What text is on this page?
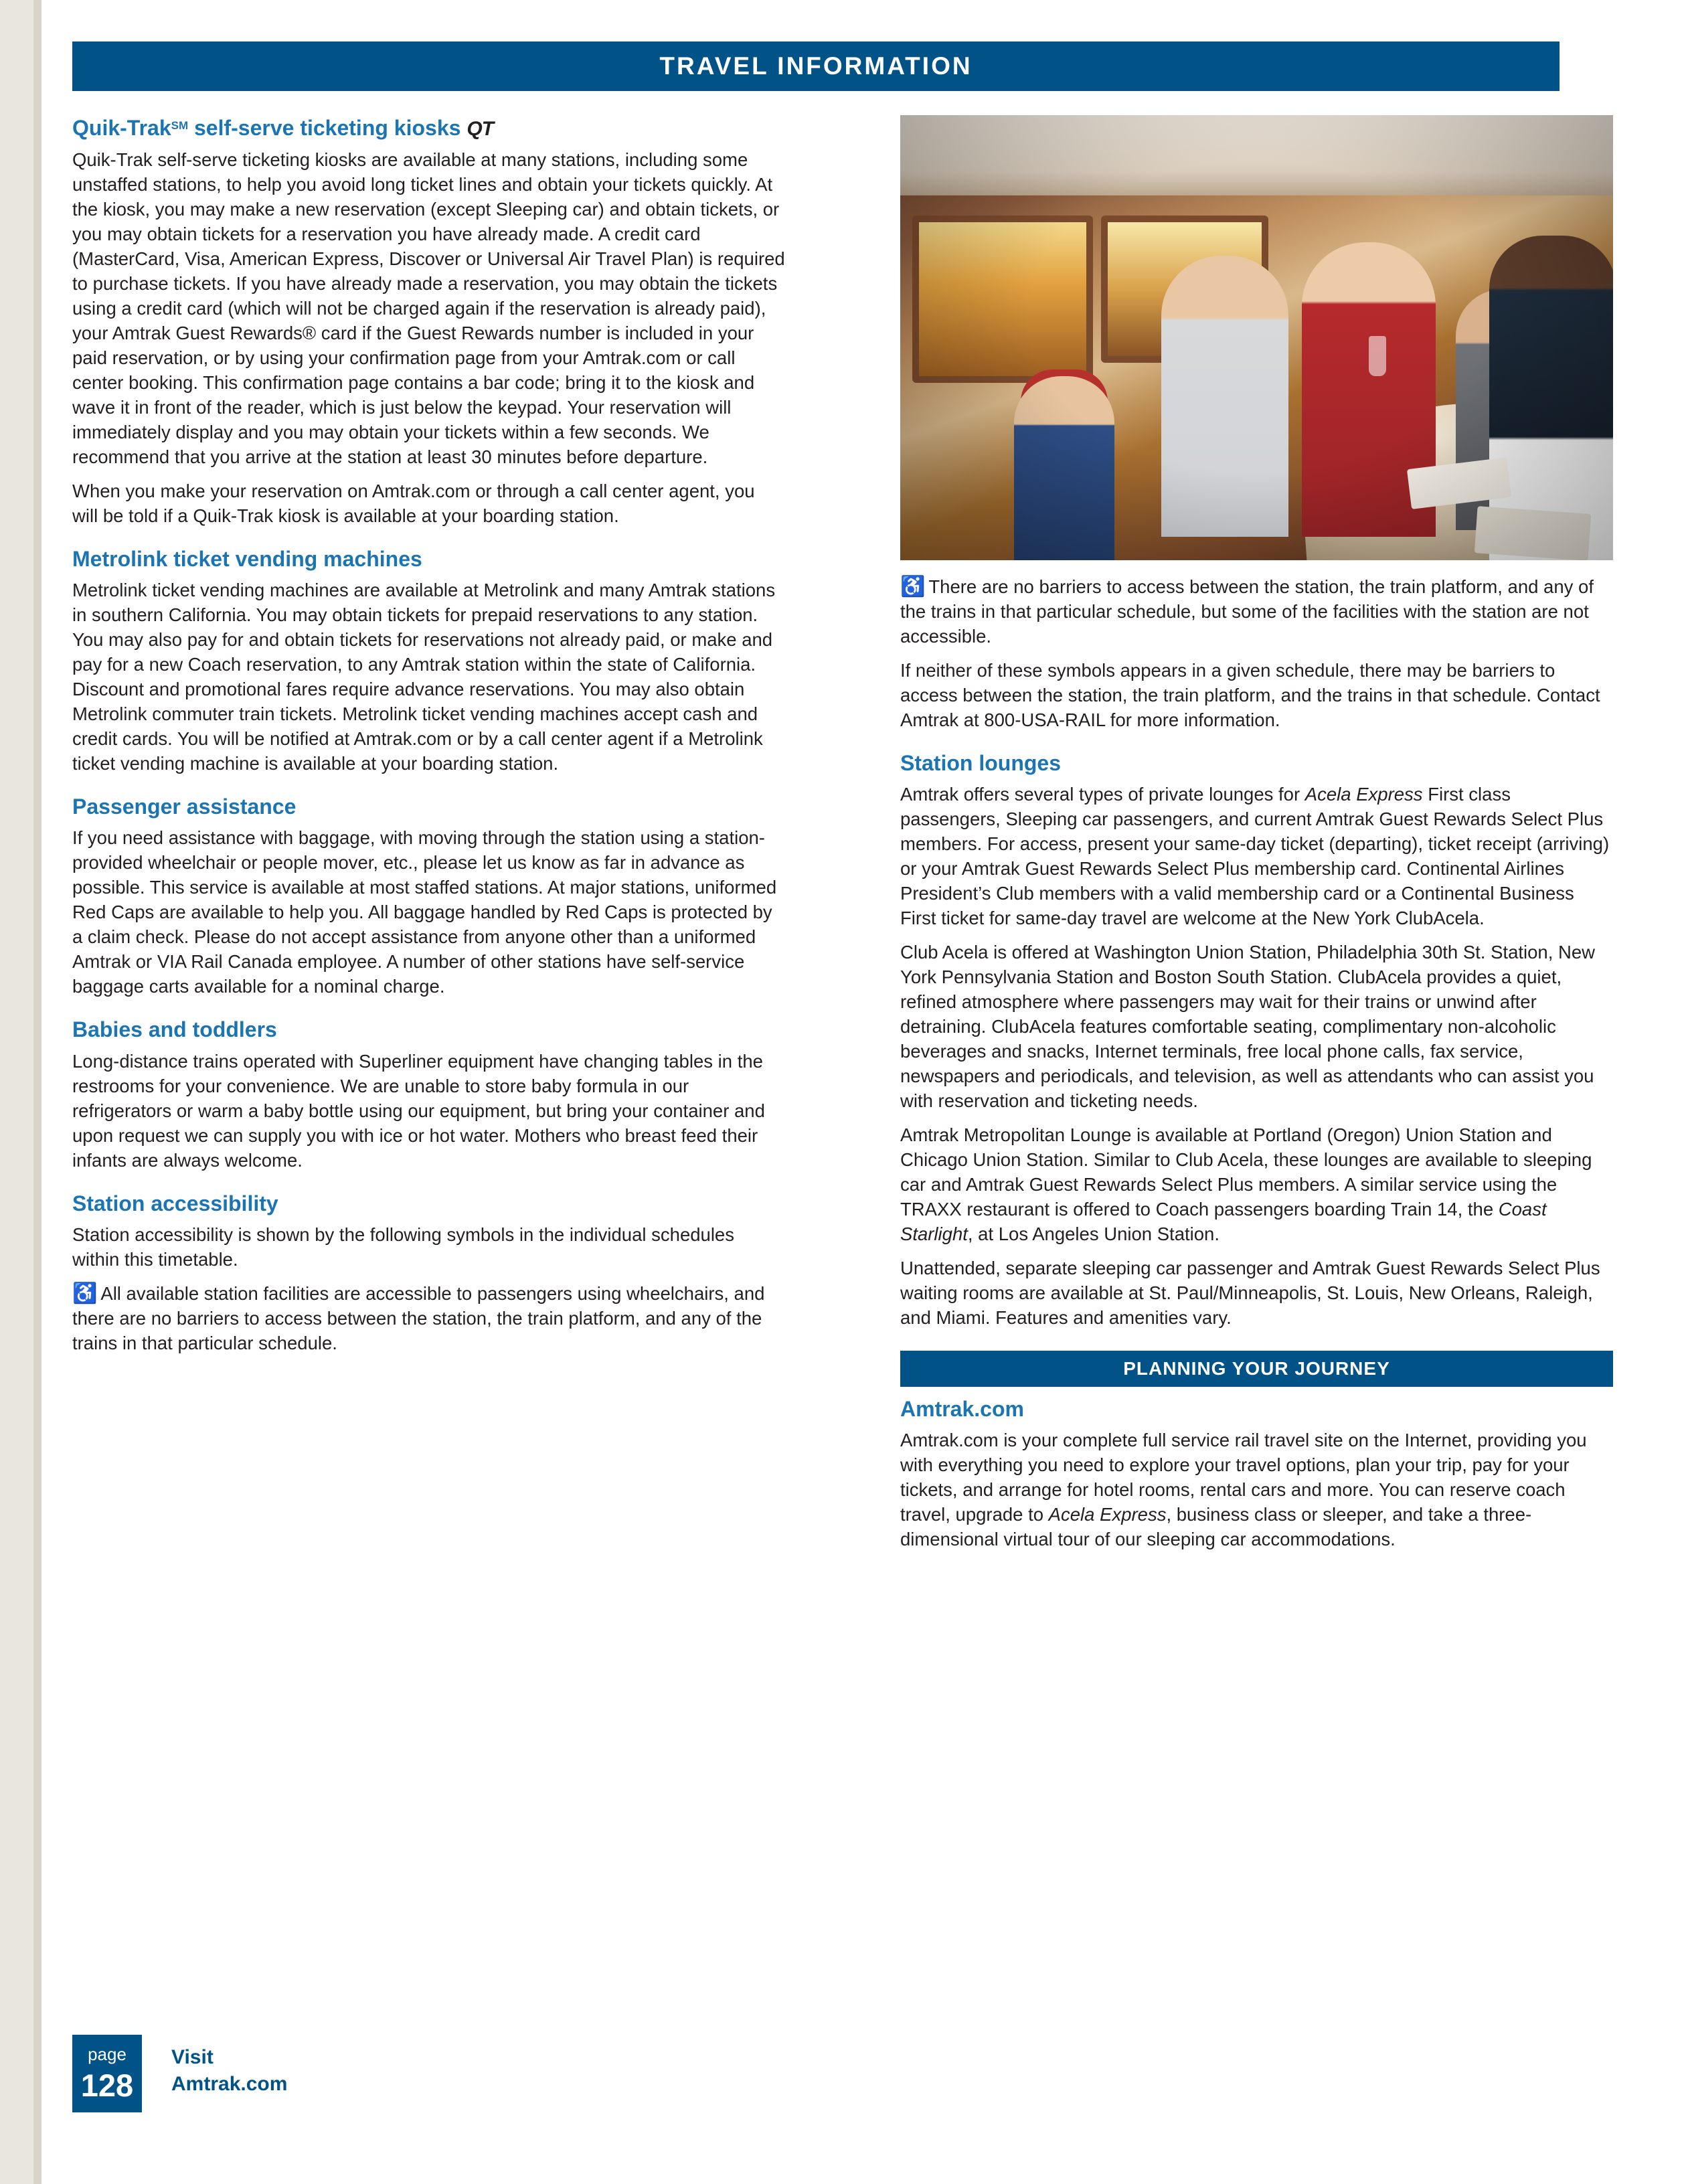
TRAVEL INFORMATION
Quik-Trak℠ self-serve ticketing kiosks QT

Quik-Trak self-serve ticketing kiosks are available at many stations, including some unstaffed stations, to help you avoid long ticket lines and obtain your tickets quickly. At the kiosk, you may make a new reservation (except Sleeping car) and obtain tickets, or you may obtain tickets for a reservation you have already made. A credit card (MasterCard, Visa, American Express, Discover or Universal Air Travel Plan) is required to purchase tickets. If you have already made a reservation, you may obtain the tickets using a credit card (which will not be charged again if the reservation is already paid), your Amtrak Guest Rewards® card if the Guest Rewards number is included in your paid reservation, or by using your confirmation page from your Amtrak.com or call center booking. This confirmation page contains a bar code; bring it to the kiosk and wave it in front of the reader, which is just below the keypad. Your reservation will immediately display and you may obtain your tickets within a few seconds. We recommend that you arrive at the station at least 30 minutes before departure.

When you make your reservation on Amtrak.com or through a call center agent, you will be told if a Quik-Trak kiosk is available at your boarding station.

Metrolink ticket vending machines

Metrolink ticket vending machines are available at Metrolink and many Amtrak stations in southern California. You may obtain tickets for prepaid reservations to any station. You may also pay for and obtain tickets for reservations not already paid, or make and pay for a new Coach reservation, to any Amtrak station within the state of California. Discount and promotional fares require advance reservations. You may also obtain Metrolink commuter train tickets. Metrolink ticket vending machines accept cash and credit cards. You will be notified at Amtrak.com or by a call center agent if a Metrolink ticket vending machine is available at your boarding station.

Passenger assistance

If you need assistance with baggage, with moving through the station using a station-provided wheelchair or people mover, etc., please let us know as far in advance as possible. This service is available at most staffed stations. At major stations, uniformed Red Caps are available to help you. All baggage handled by Red Caps is protected by a claim check. Please do not accept assistance from anyone other than a uniformed Amtrak or VIA Rail Canada employee. A number of other stations have self-service baggage carts available for a nominal charge.

Babies and toddlers

Long-distance trains operated with Superliner equipment have changing tables in the restrooms for your convenience. We are unable to store baby formula in our refrigerators or warm a baby bottle using our equipment, but bring your container and upon request we can supply you with ice or hot water. Mothers who breast feed their infants are always welcome.

Station accessibility

Station accessibility is shown by the following symbols in the individual schedules within this timetable.

♿ All available station facilities are accessible to passengers using wheelchairs, and there are no barriers to access between the station, the train platform, and any of the trains in that particular schedule.

♿ There are no barriers to access between the station, the train platform, and any of the trains in that particular schedule, but some of the facilities with the station are not accessible.

If neither of these symbols appears in a given schedule, there may be barriers to access between the station, the train platform, and the trains in that schedule. Contact Amtrak at 800-USA-RAIL for more information.

Station lounges

Amtrak offers several types of private lounges for Acela Express First class passengers, Sleeping car passengers, and current Amtrak Guest Rewards Select Plus members. For access, present your same-day ticket (departing), ticket receipt (arriving) or your Amtrak Guest Rewards Select Plus membership card. Continental Airlines President’s Club members with a valid membership card or a Continental Business First ticket for same-day travel are welcome at the New York ClubAcela.

Club Acela is offered at Washington Union Station, Philadelphia 30th St. Station, New York Pennsylvania Station and Boston South Station. ClubAcela provides a quiet, refined atmosphere where passengers may wait for their trains or unwind after detraining. ClubAcela features comfortable seating, complimentary non-alcoholic beverages and snacks, Internet terminals, free local phone calls, fax service, newspapers and periodicals, and television, as well as attendants who can assist you with reservation and ticketing needs.

Amtrak Metropolitan Lounge is available at Portland (Oregon) Union Station and Chicago Union Station. Similar to Club Acela, these lounges are available to sleeping car and Amtrak Guest Rewards Select Plus members. A similar service using the TRAXX restaurant is offered to Coach passengers boarding Train 14, the Coast Starlight, at Los Angeles Union Station.

Unattended, separate sleeping car passenger and Amtrak Guest Rewards Select Plus waiting rooms are available at St. Paul/Minneapolis, St. Louis, New Orleans, Raleigh, and Miami. Features and amenities vary.

PLANNING YOUR JOURNEY
Amtrak.com

Amtrak.com is your complete full service rail travel site on the Internet, providing you with everything you need to explore your travel options, plan your trip, pay for your tickets, and arrange for hotel rooms, rental cars and more. You can reserve coach travel, upgrade to Acela Express, business class or sleeper, and take a three-dimensional virtual tour of our sleeping car accommodations.

page
128
Visit
Amtrak.com
